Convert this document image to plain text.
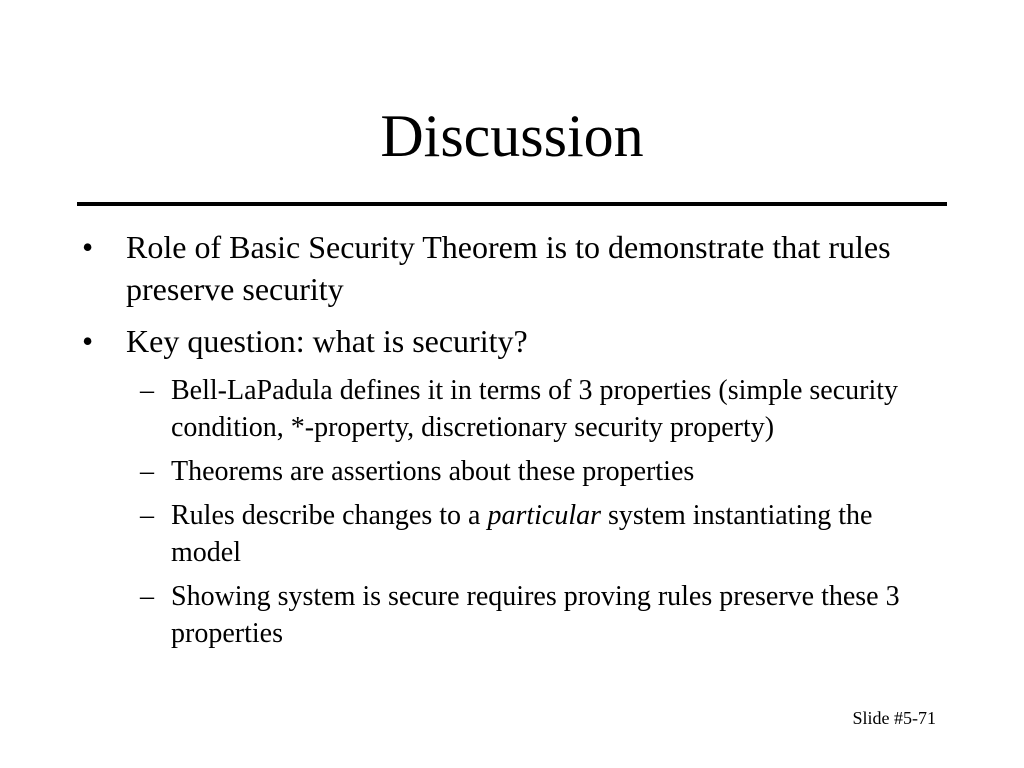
Discussion
•	Role of Basic Security Theorem is to demonstrate that rules preserve security
•	Key question: what is security?
– Bell-LaPadula defines it in terms of 3 properties (simple security condition, *-property, discretionary security property)
– Theorems are assertions about these properties
– Rules describe changes to a particular system instantiating the model
– Showing system is secure requires proving rules preserve these 3 properties
Slide #5-71
